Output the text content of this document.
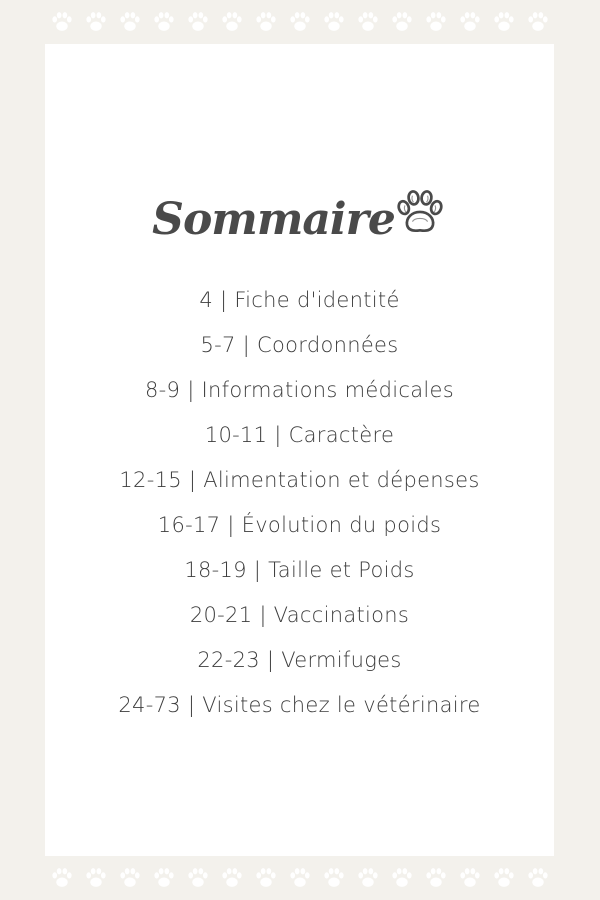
Sommaire
4 | Fiche d'identité
5-7 | Coordonnées
8-9 | Informations médicales
10-11 | Caractère
12-15 | Alimentation et dépenses
16-17 | Évolution du poids
18-19 | Taille et Poids
20-21 | Vaccinations
22-23 | Vermifuges
24-73 | Visites chez le vétérinaire
